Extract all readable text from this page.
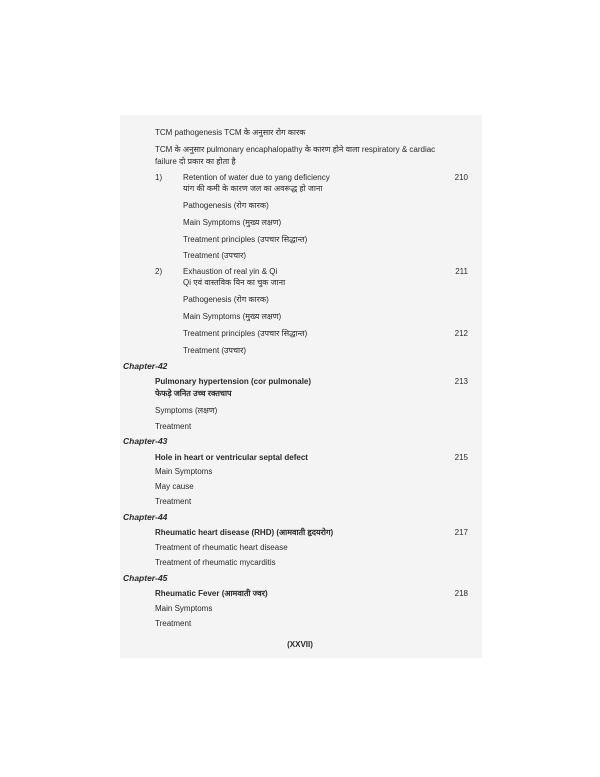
TCM pathogenesis TCM के अनुसार रोग कारक
TCM के अनुसार pulmonary encaphalopathy के कारण होने वाला respiratory & cardiac
failure दो प्रकार का होता है
1)	Retention of water due to yang deficiency	210
यांग की कमी के कारण जल का अवरूद्ध हो जाना
Pathogenesis (रोग कारक)
Main Symptoms (मुख्य लक्षण)
Treatment principles (उपचार सिद्धान्त)
Treatment (उपचार)
2)	Exhaustion of real yin & Qi	211
Qi एवं वास्तविक यिन का चुक जाना
Pathogenesis (रोग कारक)
Main Symptoms (मुख्य लक्षण)
Treatment principles (उपचार सिद्धान्त)	212
Treatment (उपचार)
Chapter-42
Pulmonary hypertension (cor pulmonale)	213
फेफड़े जनित उच्च रक्तचाप
Symptoms (लक्षण)
Treatment
Chapter-43
Hole in heart or ventricular septal defect	215
Main Symptoms
May cause
Treatment
Chapter-44
Rheumatic heart disease (RHD) (आमवाती हृदयरोग)	217
Treatment of rheumatic heart disease
Treatment of rheumatic mycarditis
Chapter-45
Rheumatic Fever (आमवाती ज्वर)	218
Main Symptoms
Treatment
(XXVII)
